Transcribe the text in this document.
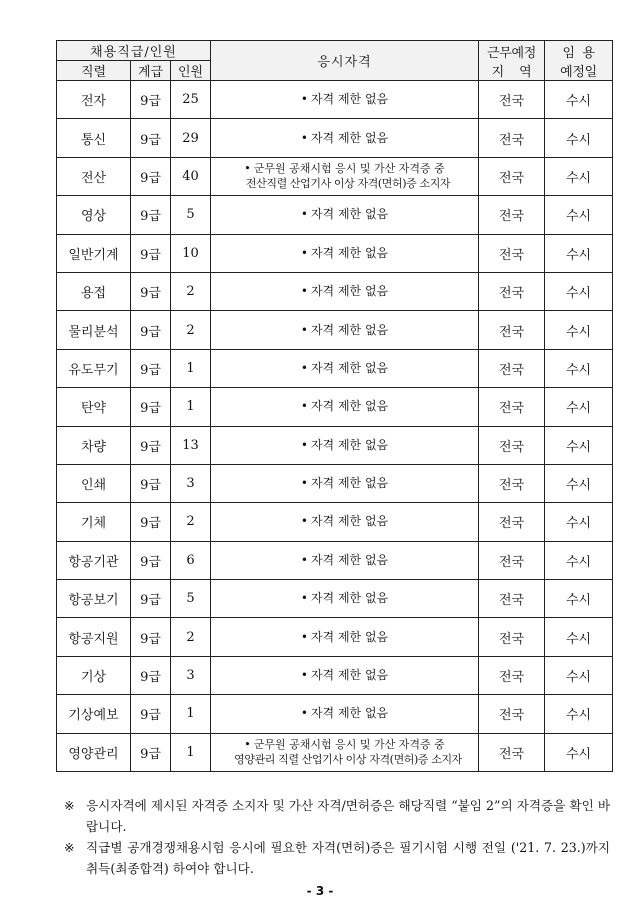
채용직급/인원			응시자격	근무예정
지    역	임  용
예정일

직렬	계급	인원			
전자	9급	25	• 자격 제한 없음	전국	수시
통신	9급	29	• 자격 제한 없음	전국	수시
전산	9급	40	• 군무원 공채시험 응시 및 가산 자격증 중
전산직렬 산업기사 이상 자격(면허)증 소지자	전국	수시
영상	9급	5	• 자격 제한 없음	전국	수시
일반기계	9급	10	• 자격 제한 없음	전국	수시
용접	9급	2	• 자격 제한 없음	전국	수시
물리분석	9급	2	• 자격 제한 없음	전국	수시
유도무기	9급	1	• 자격 제한 없음	전국	수시
탄약	9급	1	• 자격 제한 없음	전국	수시
차량	9급	13	• 자격 제한 없음	전국	수시
인쇄	9급	3	• 자격 제한 없음	전국	수시
기체	9급	2	• 자격 제한 없음	전국	수시
항공기관	9급	6	• 자격 제한 없음	전국	수시
항공보기	9급	5	• 자격 제한 없음	전국	수시
항공지원	9급	2	• 자격 제한 없음	전국	수시
기상	9급	3	• 자격 제한 없음	전국	수시
기상예보	9급	1	• 자격 제한 없음	전국	수시
영양관리	9급	1	• 군무원 공채시험 응시 및 가산 자격증 중
영양관리 직렬 산업기사 이상 자격(면허)증 소지자	전국	수시
※ 응시자격에 제시된 자격증 소지자 및 가산 자격/면허증은 해당직렬 “붙임 2”의 자격증을 확인 바랍니다.
※ 직급별 공개경쟁채용시험 응시에 필요한 자격(면허)증은 필기시험 시행 전일 ('21. 7. 23.)까지 취득(최종합격) 하여야 합니다.
- 3 -
